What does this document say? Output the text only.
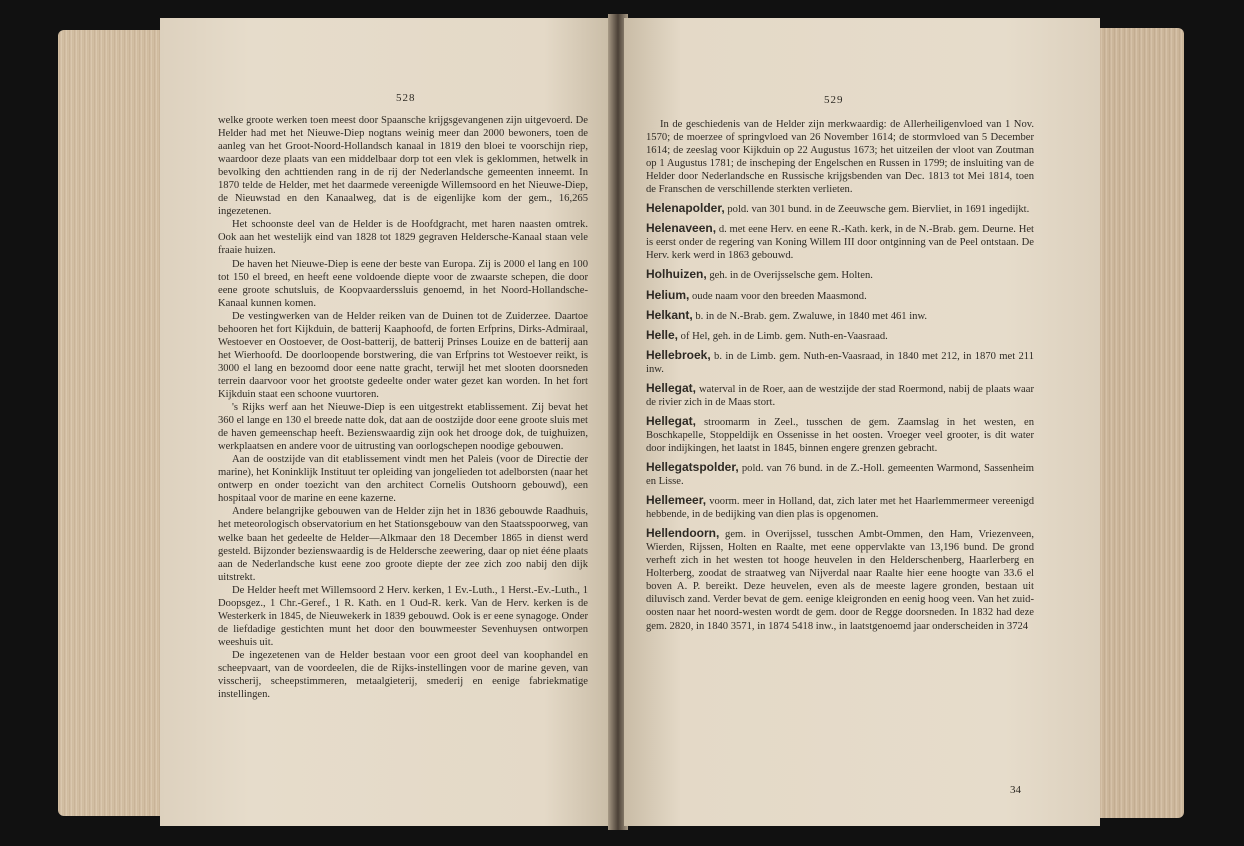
528

welke groote werken toen meest door Spaansche krijgsgevangenen zijn uitgevoerd. De Helder had met het Nieuwe-Diep nogtans weinig meer dan 2000 bewoners, toen de aanleg van het Groot-Noord-Hollandsch kanaal in 1819 den bloei te voorschijn riep, waardoor deze plaats van een middelbaar dorp tot een vlek is geklommen, hetwelk in bevolking den achttienden rang in de rij der Nederlandsche gemeenten inneemt. In 1870 telde de Helder, met het daarmede vereenigde Willemsoord en het Nieuwe-Diep, de Nieuwstad en den Kanaalweg, dat is de eigenlijke kom der gem., 16,265 ingezetenen.

Het schoonste deel van de Helder is de Hoofdgracht, met haren naasten omtrek. Ook aan het westelijk eind van 1828 tot 1829 gegraven Heldersche-Kanaal staan vele fraaie huizen.

De haven het Nieuwe-Diep is eene der beste van Europa. Zij is 2000 el lang en 100 tot 150 el breed, en heeft eene voldoende diepte voor de zwaarste schepen, die door eene groote schutsluis, de Koopvaarderssluis genoemd, in het Noord-Hollandsche-Kanaal kunnen komen.

De vestingwerken van de Helder reiken van de Duinen tot de Zuiderzee. Daartoe behooren het fort Kijkduin, de batterij Kaaphoofd, de forten Erfprins, Dirks-Admiraal, Westoever en Oostoever, de Oost-batterij, de batterij Prinses Louize en de batterij aan het Wierhoofd. De doorloopende borstwering, die van Erfprins tot Westoever reikt, is 3000 el lang en bezoomd door eene natte gracht, terwijl het met slooten doorsneden terrein daarvoor voor het grootste gedeelte onder water gezet kan worden. In het fort Kijkduin staat een schoone vuurtoren.

's Rijks werf aan het Nieuwe-Diep is een uitgestrekt etablissement. Zij bevat het 360 el lange en 130 el breede natte dok, dat aan de oostzijde door eene groote sluis met de haven gemeenschap heeft. Bezienswaardig zijn ook het droogе dok, de tuighuizen, werkplaatsen en andere voor de uitrusting van oorlogschepen noodige gebouwen.

Aan de oostzijde van dit etablissement vindt men het Paleis (voor de Directie der marine), het Koninklijk Instituut ter opleiding van jongelieden tot adelborsten (naar het ontwerp en onder toezicht van den architect Cornelis Outshoorn gebouwd), een hospitaal voor de marine en eene kazerne.

Andere belangrijke gebouwen van de Helder zijn het in 1836 gebouwde Raadhuis, het meteorologisch observatorium en het Stationsgebouw van den Staatsspoorweg, van welke baan het gedeelte de Helder—Alkmaar den 18 December 1865 in dienst werd gesteld. Bijzonder bezienswaardig is de Heldersche zeewering, daar op niet ééne plaats aan de Nederlandsche kust eene zoo groote diepte der zee zich zoo nabij den dijk uitstrekt.

De Helder heeft met Willemsoord 2 Herv. kerken, 1 Ev.-Luth., 1 Herst.-Ev.-Luth., 1 Doopsgez., 1 Chr.-Geref., 1 R. Kath. en 1 Oud-R. kerk. Van de Herv. kerken is de Westerkerk in 1845, de Nieuwekerk in 1839 gebouwd. Ook is er eene synagoge. Onder de liefdadige gestichten munt het door den bouwmeester Sevenhuysen ontworpen weeshuis uit.

De ingezetenen van de Helder bestaan voor een groot deel van koophandel en scheepvaart, van de voordeelen, die de Rijks-instellingen voor de marine geven, van visscherij, scheepstimmeren, metaalgieterij, smederij en eenige fabriekmatige instellingen.

529

In de geschiedenis van de Helder zijn merkwaardig: de Allerheiligenvloed van 1 Nov. 1570; de moerzee of springvloed van 26 November 1614; de stormvloed van 5 December 1614; de zeeslag voor Kijkduin op 22 Augustus 1673; het uitzeilen der vloot van Zoutman op 1 Augustus 1781; de inscheping der Engelschen en Russen in 1799; de insluiting van de Helder door Nederlandsche en Russische krijgsbenden van Dec. 1813 tot Mei 1814, toen de Franschen de verschillende sterkten verlieten.

Helenapolder, pold. van 301 bund. in de Zeeuwsche gem. Biervliet, in 1691 ingedijkt.

Helenaveen, d. met eene Herv. en eene R.-Kath. kerk, in de N.-Brab. gem. Deurne. Het is eerst onder de regering van Koning Willem III door ontginning van de Peel ontstaan. De Herv. kerk werd in 1863 gebouwd.

Holhuizen, geh. in de Overijsselsche gem. Holten.

Helium, oude naam voor den breeden Maasmond.

Helkant, b. in de N.-Brab. gem. Zwaluwe, in 1840 met 461 inw.

Helle, of Hel, geh. in de Limb. gem. Nuth-en-Vaasraad.

Hellebroek, b. in de Limb. gem. Nuth-en-Vaasraad, in 1840 met 212, in 1870 met 211 inw.

Hellegat, waterval in de Roer, aan de westzijde der stad Roermond, nabij de plaats waar de rivier zich in de Maas stort.

Hellegat, stroomarm in Zeel., tusschen de gem. Zaamslag in het westen, en Boschkapelle, Stoppeldijk en Ossenisse in het oosten. Vroeger veel grooter, is dit water door indijkingen, het laatst in 1845, binnen engere grenzen gebracht.

Hellegatspolder, pold. van 76 bund. in de Z.-Holl. gemeenten Warmond, Sassenheim en Lisse.

Hellemeer, voorm. meer in Holland, dat, zich later met het Haarlemmermeer vereenigd hebbende, in de bedijking van dien plas is opgenomen.

Hellendoorn, gem. in Overijssel, tusschen Ambt-Ommen, den Ham, Vriezenveen, Wierden, Rijssen, Holten en Raalte, met eene oppervlakte van 13,196 bund. De grond verheft zich in het westen tot hooge heuvelen in den Helderschenberg, Haarlerberg en Holterberg, zoodat de straatweg van Nijverdal naar Raalte hier eene hoogte van 33.6 el boven A. P. bereikt. Deze heuvelen, even als de meeste lagere gronden, bestaan uit diluvisch zand. Verder bevat de gem. eenige kleigronden en eenig hoog veen. Van het zuid-oosten naar het noord-westen wordt de gem. door de Regge doorsneden. In 1832 had deze gem. 2820, in 1840 3571, in 1874 5418 inw., in laatstgenoemd jaar onderscheiden in 3724

34
